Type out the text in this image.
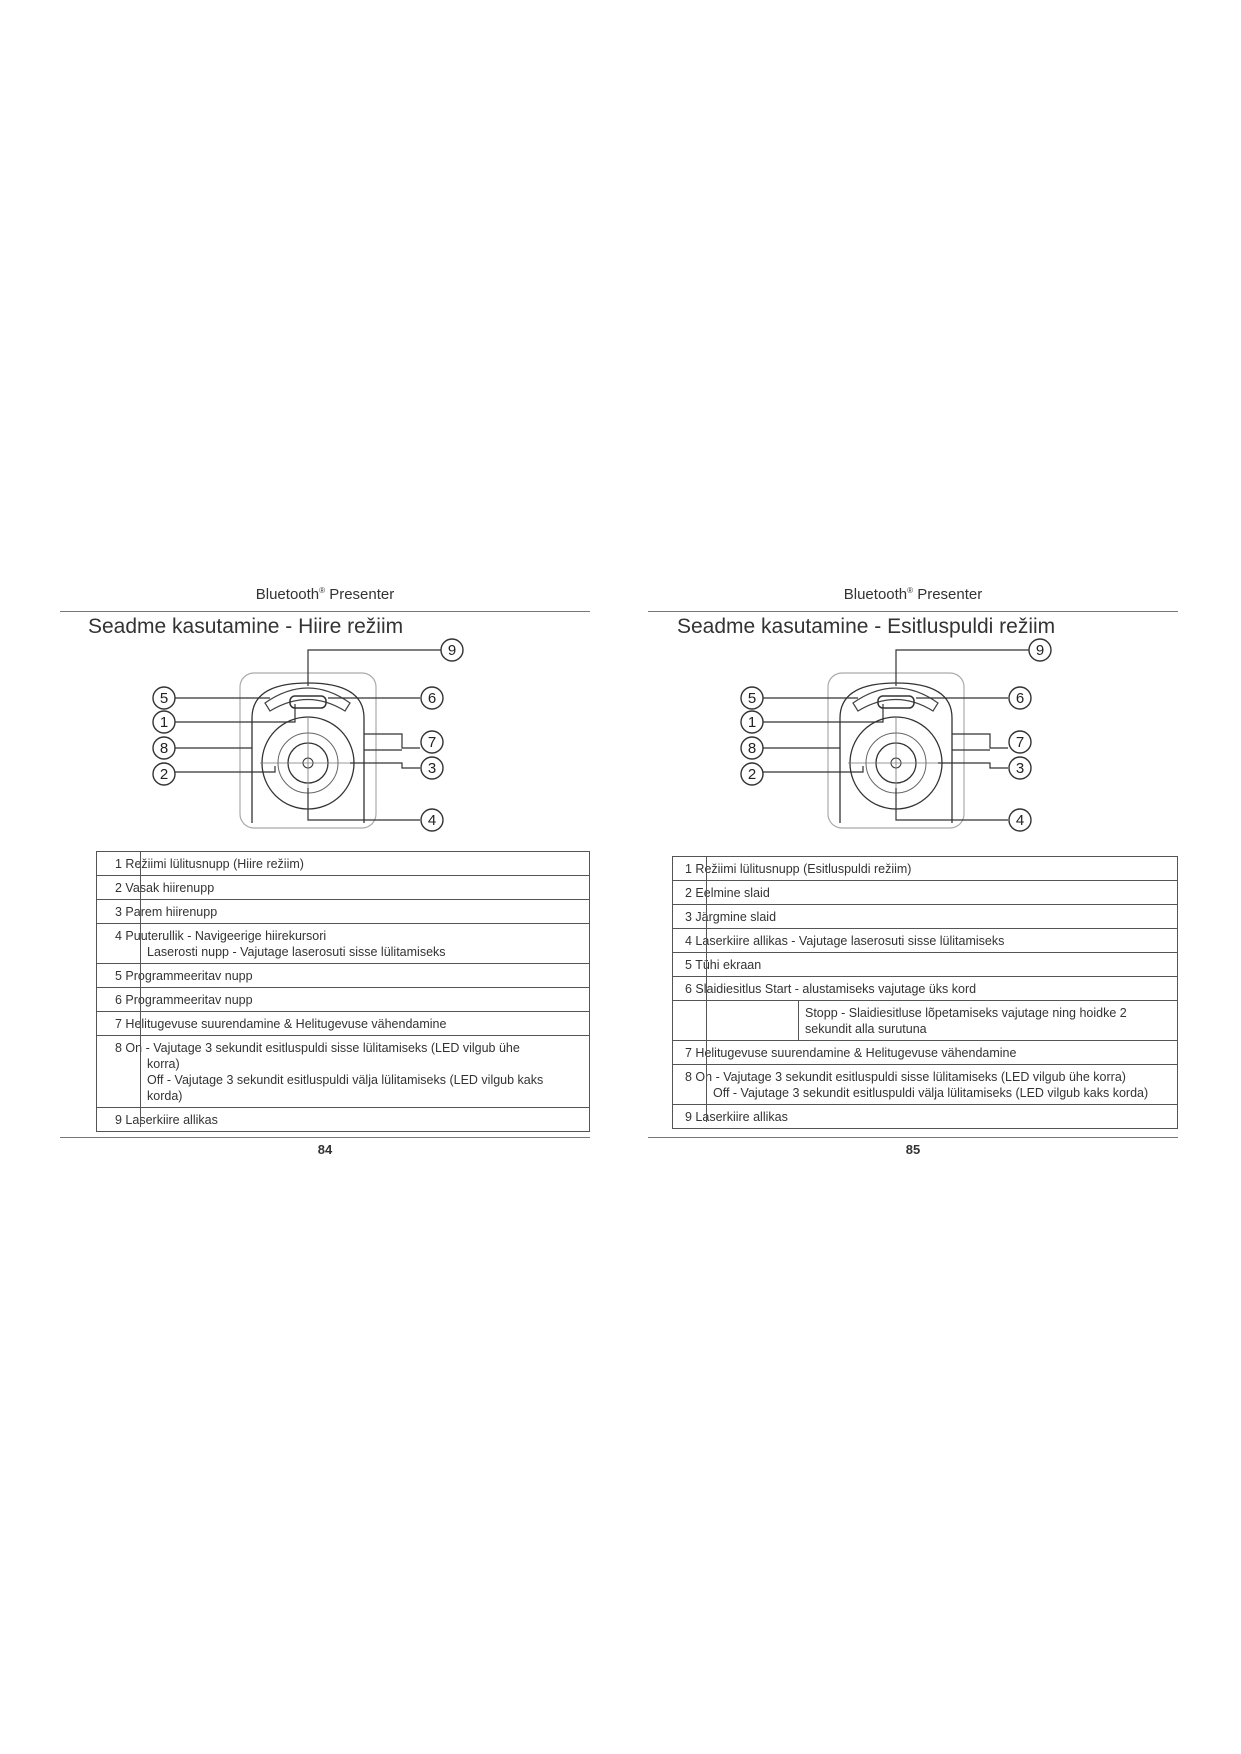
Bluetooth® Presenter
Seadme kasutamine - Hiire režiim
9
5	6
1
7
8
3
2
4
1 Režiimi lülitusnupp (Hiire režiim)
2 Vasak hiirenupp
3 Parem hiirenupp

4 Puuterullik - Navigeerige hiirekursori
Laserosti nupp - Vajutage laserosuti sisse lülitamiseks

5 Programmeeritav nupp
6 Programmeeritav nupp
7 Helitugevuse suurendamine & Helitugevuse vähendamine

8 On - Vajutage 3 sekundit esitluspuldi sisse lülitamiseks (LED vilgub ühe
korra)
Off - Vajutage 3 sekundit esitluspuldi välja lülitamiseks (LED vilgub kaks
korda)

9 Laserkiire allikas
84
Bluetooth® Presenter
Seadme kasutamine - Esitluspuldi režiim
9
5	6
1
7
8
3
2
4
1 Režiimi lülitusnupp (Esitluspuldi režiim)
2 Eelmine slaid
3 Järgmine slaid
4 Laserkiire allikas - Vajutage laserosuti sisse lülitamiseks
5 Tühi ekraan
6 Slaidiesitlus Start - alustamiseks vajutage üks kord

Stopp - Slaidiesitluse lõpetamiseks vajutage ning hoidke 2
sekundit alla surutuna

7 Helitugevuse suurendamine & Helitugevuse vähendamine

8 On - Vajutage 3 sekundit esitluspuldi sisse lülitamiseks (LED vilgub ühe korra)
Off - Vajutage 3 sekundit esitluspuldi välja lülitamiseks (LED vilgub kaks korda)

9 Laserkiire allikas
85
